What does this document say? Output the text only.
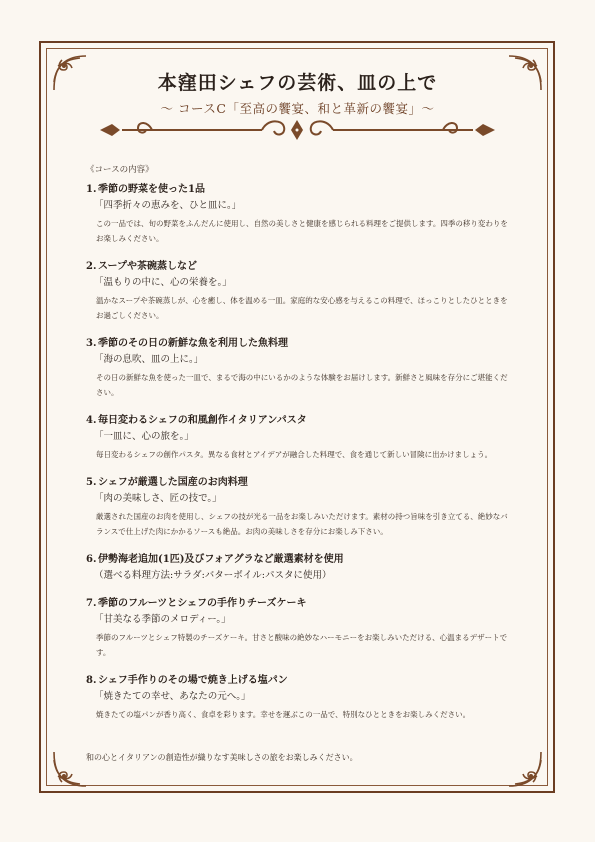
本窪田シェフの芸術、皿の上で
～ コースC「至高の饗宴、和と革新の饗宴」～
《コースの内容》
1. 季節の野菜を使った1品
「四季折々の恵みを、ひと皿に。」
この一品では、旬の野菜をふんだんに使用し、自然の美しさと健康を感じられる料理をご提供します。四季の移り変わりをお楽しみください。
2. スープや茶碗蒸しなど
「温もりの中に、心の栄養を。」
温かなスープや茶碗蒸しが、心を癒し、体を温める一皿。家庭的な安心感を与えるこの料理で、ほっこりとしたひとときをお過ごしください。
3. 季節のその日の新鮮な魚を利用した魚料理
「海の息吹、皿の上に。」
その日の新鮮な魚を使った一皿で、まるで海の中にいるかのような体験をお届けします。新鮮さと風味を存分にご堪能ください。
4. 毎日変わるシェフの和風創作イタリアンパスタ
「一皿に、心の旅を。」
毎日変わるシェフの創作パスタ。異なる食材とアイデアが融合した料理で、食を通じて新しい冒険に出かけましょう。
5. シェフが厳選した国産のお肉料理
「肉の美味しさ、匠の技で。」
厳選された国産のお肉を使用し、シェフの技が光る一品をお楽しみいただけます。素材の持つ旨味を引き立てる、絶妙なバランスで仕上げた肉にかかるソースも絶品。お肉の美味しさを存分にお楽しみ下さい。
6. 伊勢海老追加(1匹)及びフォアグラなど厳選素材を使用
（選べる料理方法:サラダ:バターボイル:パスタに使用）
7. 季節のフルーツとシェフの手作りチーズケーキ
「甘美なる季節のメロディー。」
季節のフルーツとシェフ特製のチーズケーキ。甘さと酸味の絶妙なハーモニーをお楽しみいただける、心温まるデザートです。
8. シェフ手作りのその場で焼き上げる塩パン
「焼きたての幸せ、あなたの元へ。」
焼きたての塩パンが香り高く、食卓を彩ります。幸せを運ぶこの一品で、特別なひとときをお楽しみください。
和の心とイタリアンの創造性が織りなす美味しさの旅をお楽しみください。
